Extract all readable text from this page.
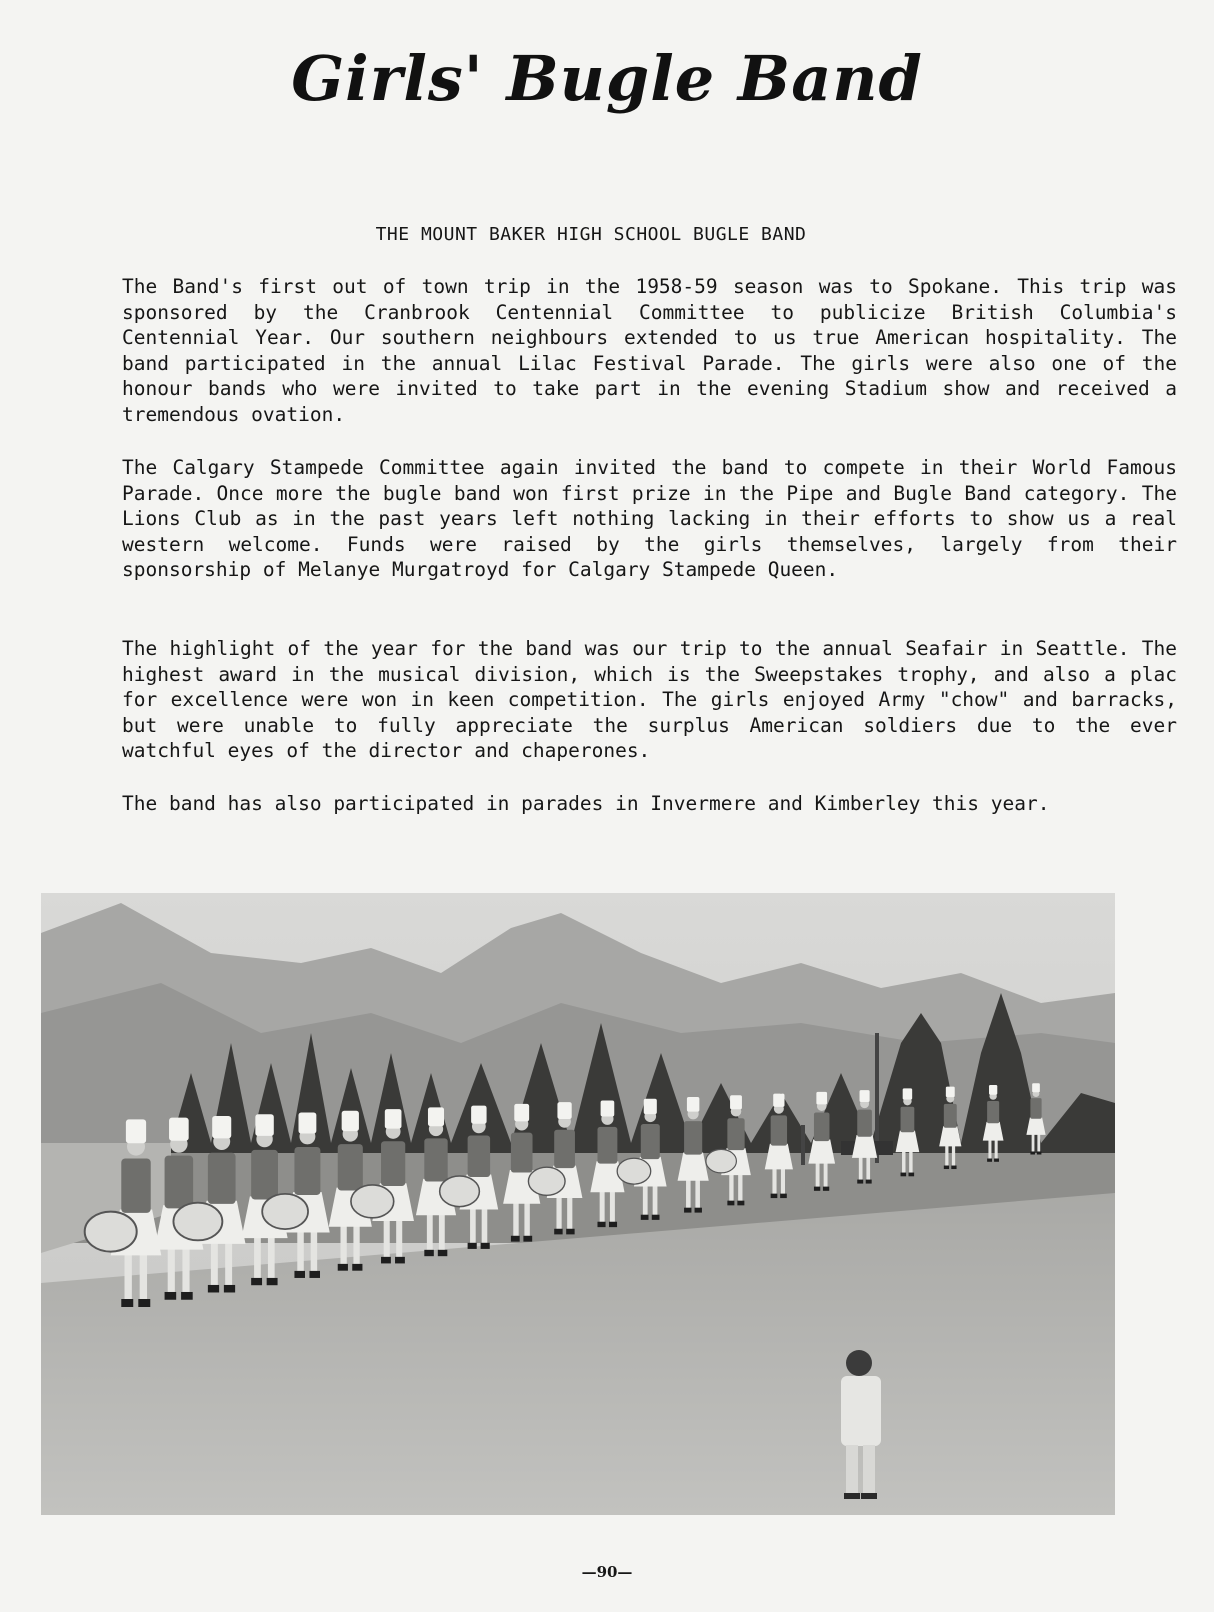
Girls' Bugle Band
THE MOUNT BAKER HIGH SCHOOL BUGLE BAND

The Band's first out of town trip in the 1958-59 season was to Spokane. This trip was sponsored by the Cranbrook Centennial Committee to publicize British Columbia's Centennial Year. Our southern neighbours extended to us true American hospitality. The band participated in the annual Lilac Festival Parade. The girls were also one of the honour bands who were invited to take part in the evening Stadium show and received a tremendous ovation.

The Calgary Stampede Committee again invited the band to compete in their World Famous Parade. Once more the bugle band won first prize in the Pipe and Bugle Band category. The Lions Club as in the past years left nothing lacking in their efforts to show us a real western welcome. Funds were raised by the girls themselves, largely from their sponsorship of Melanye Murgatroyd for Calgary Stampede Queen.

The highlight of the year for the band was our trip to the annual Seafair in Seattle. The highest award in the musical division, which is the Sweepstakes trophy, and also a plac for excellence were won in keen competition. The girls enjoyed Army "chow" and barracks, but were unable to fully appreciate the surplus American soldiers due to the ever watchful eyes of the director and chaperones.

The band has also participated in parades in Invermere and Kimberley this year.

—90—
